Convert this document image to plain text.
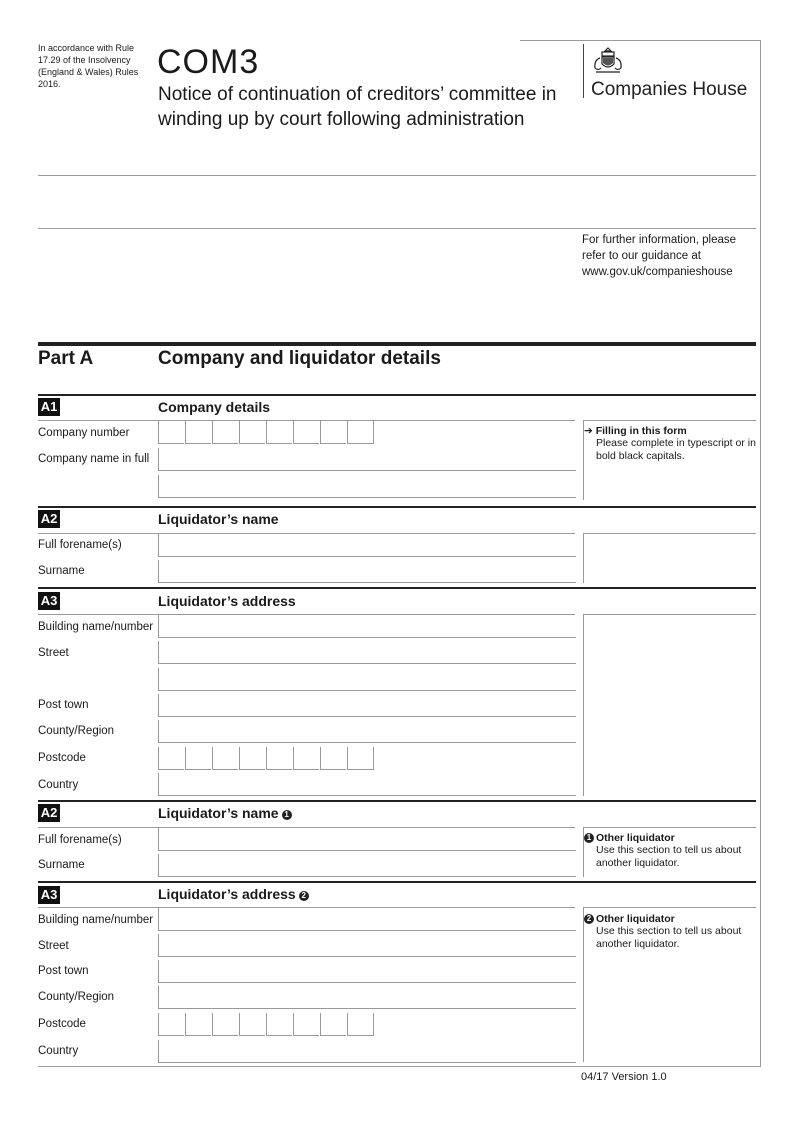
In accordance with Rule 17.29 of the Insolvency (England & Wales) Rules 2016.
COM3
Notice of continuation of creditors’ committee in
winding up by court following administration
Companies House
For further information, please
refer to our guidance at
www.gov.uk/companieshouse
Part A	Company and liquidator details
A1	Company details
Company number
Company name in full
➔ Filling in this form
Please complete in typescript or in
bold black capitals.
A2	Liquidator’s name
Full forename(s)
Surname
A3	Liquidator’s address
Building name/number
Street
Post town
County/Region
Postcode
Country
A2	Liquidator’s name 1
Full forename(s)
Surname
1 Other liquidator
Use this section to tell us about
another liquidator.
A3	Liquidator’s address 2
Building name/number
Street
Post town
County/Region
Postcode
Country
2 Other liquidator
Use this section to tell us about
another liquidator.
04/17 Version 1.0
